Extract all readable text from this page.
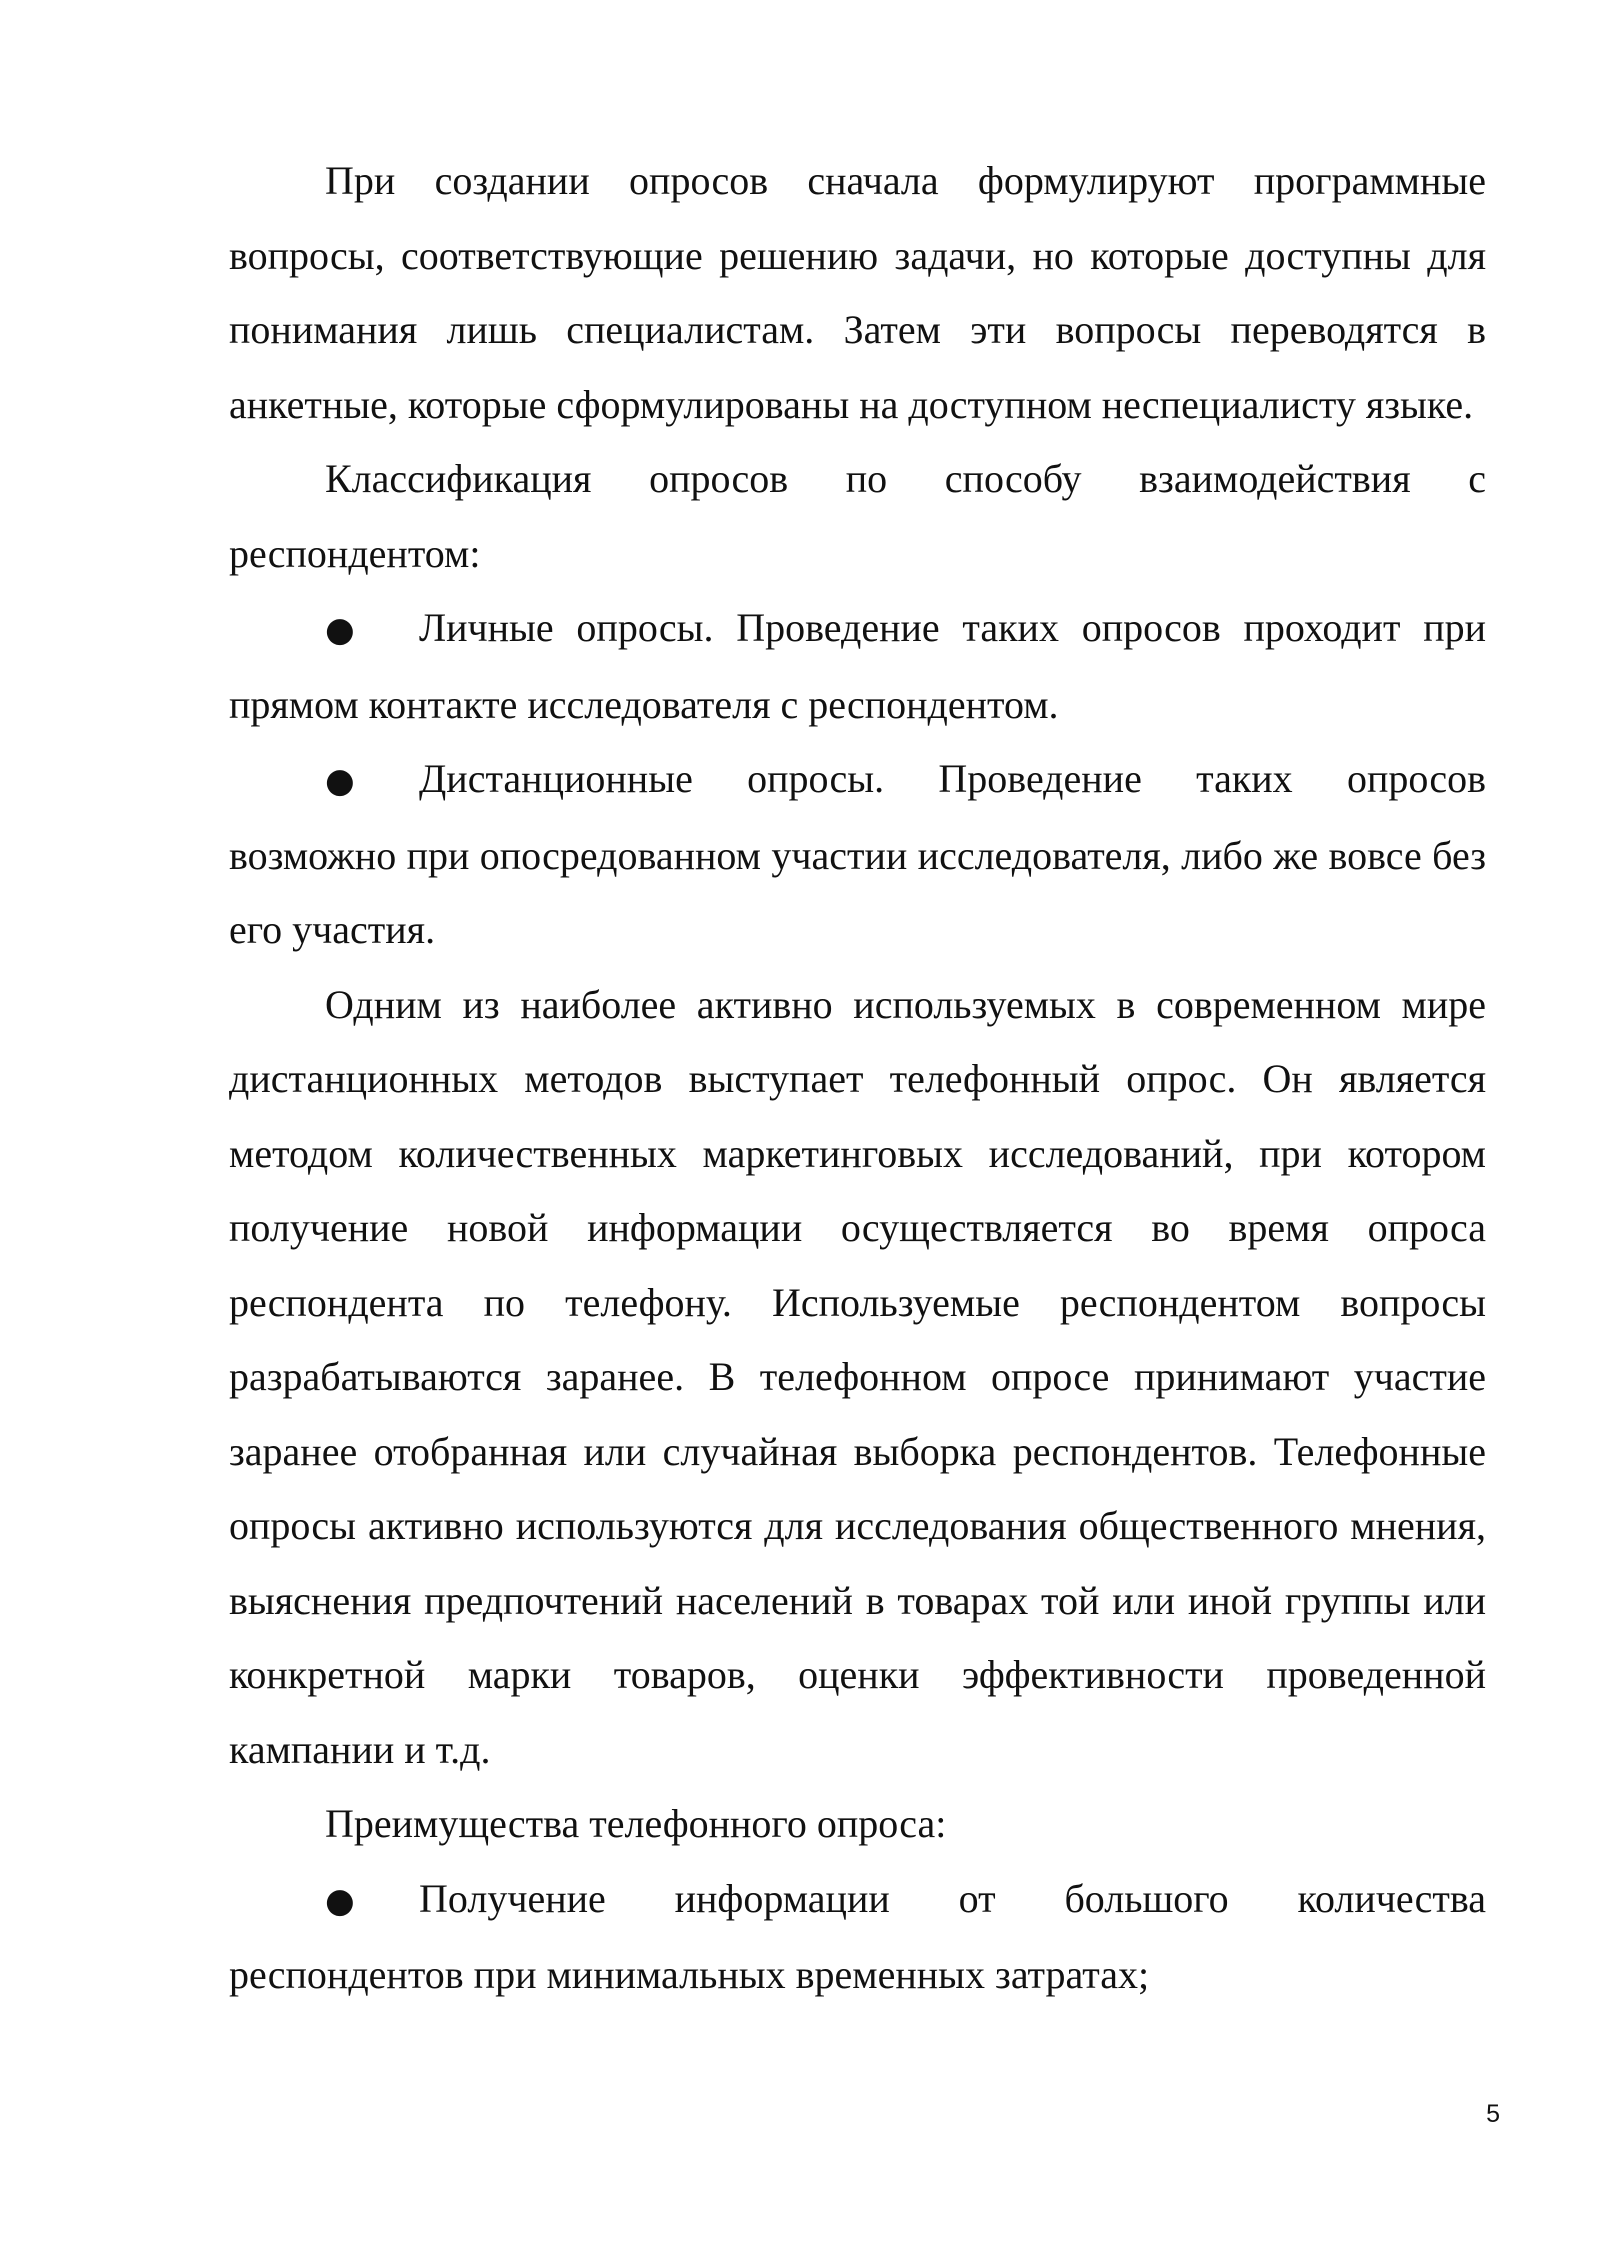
При создании опросов сначала формулируют программные вопросы, соответствующие решению задачи, но которые доступны для понимания лишь специалистам. Затем эти вопросы переводятся в анкетные, которые сформулированы на доступном неспециалисту языке.

Классификация опросов по способу взаимодействия с респондентом:

● Личные опросы. Проведение таких опросов проходит при прямом контакте исследователя с респондентом.

● Дистанционные опросы. Проведение таких опросов возможно при опосредованном участии исследователя, либо же вовсе без его участия.

Одним из наиболее активно используемых в современном мире дистанционных методов выступает телефонный опрос. Он является методом количественных маркетинговых исследований, при котором получение новой информации осуществляется во время опроса респондента по телефону. Используемые респондентом вопросы разрабатываются заранее. В телефонном опросе принимают участие заранее отобранная или случайная выборка респондентов. Телефонные опросы активно используются для исследования общественного мнения, выяснения предпочтений населений в товарах той или иной группы или конкретной марки товаров, оценки эффективности проведенной кампании и т.д.

Преимущества телефонного опроса:

● Получение информации от большого количества респондентов при минимальных временных затратах;

5
